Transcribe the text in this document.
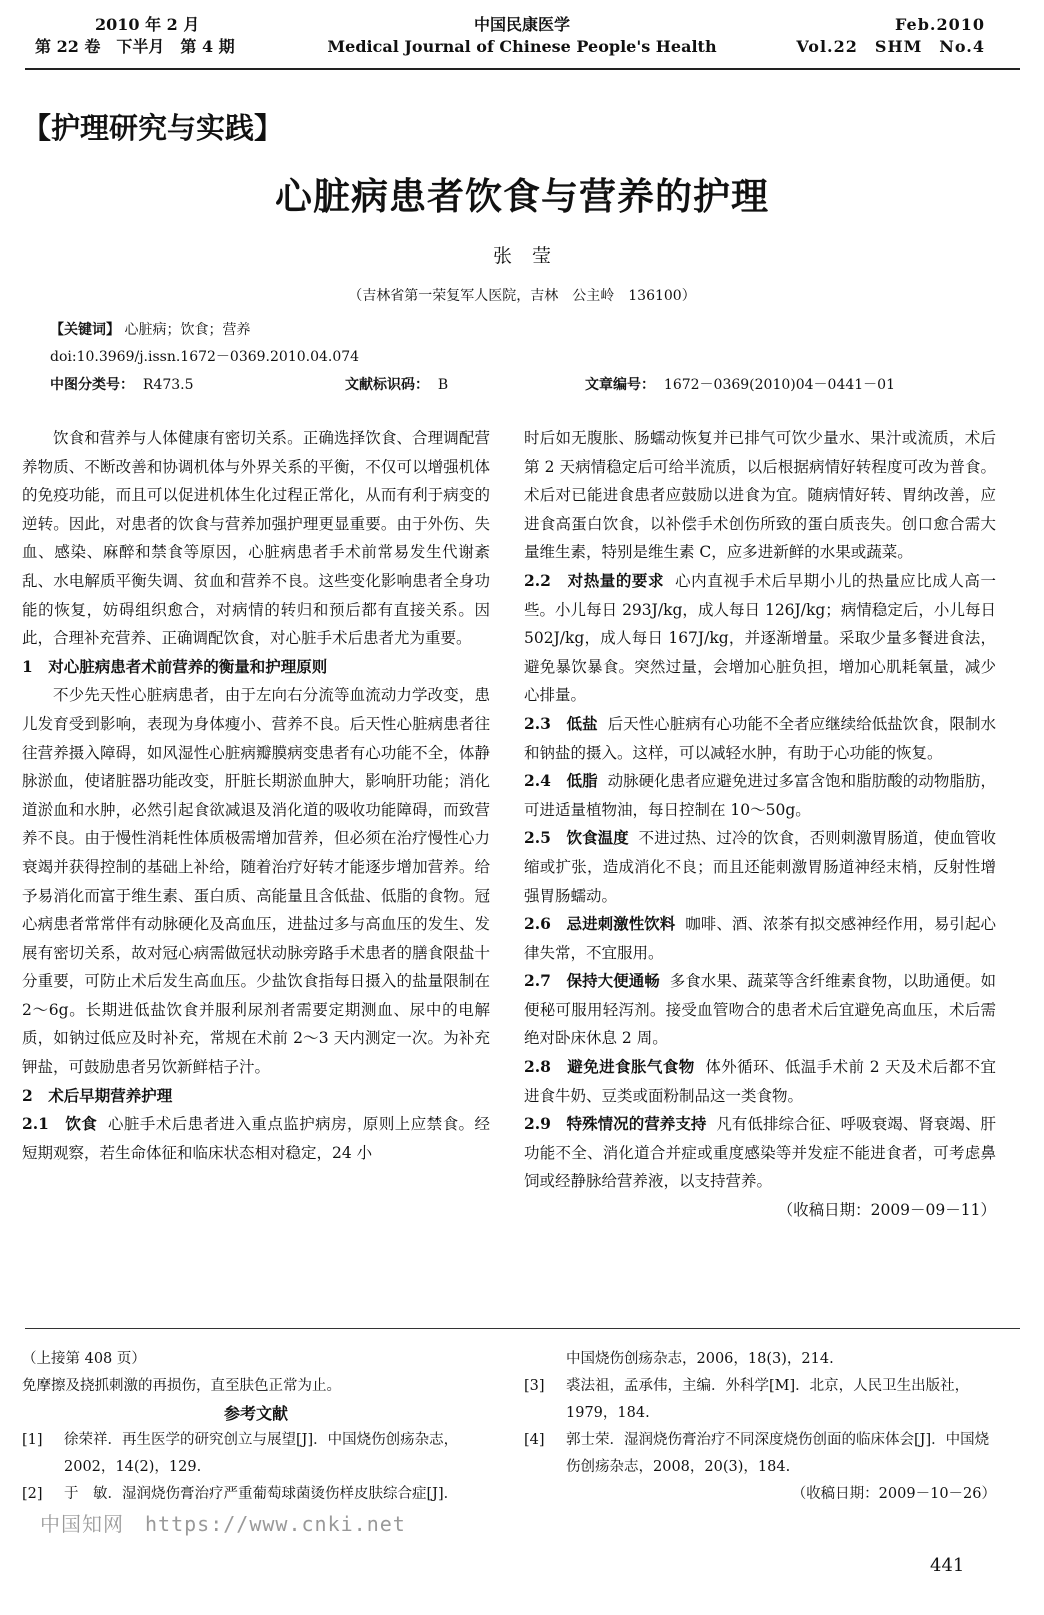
2010 年 2 月
第 22 卷　下半月　第 4 期
中国民康医学
Medical Journal of Chinese People's Health
Feb.2010
Vol.22　SHM　No.4
【护理研究与实践】
心脏病患者饮食与营养的护理
张莹
（吉林省第一荣复军人医院，吉林　公主岭　136100）
【关键词】 心脏病；饮食；营养
doi:10.3969/j.issn.1672－0369.2010.04.074
中图分类号： R473.5	文献标识码： B	文章编号： 1672－0369(2010)04－0441－01

饮食和营养与人体健康有密切关系。正确选择饮食、合理调配营养物质、不断改善和协调机体与外界关系的平衡，不仅可以增强机体的免疫功能，而且可以促进机体生化过程正常化，从而有利于病变的逆转。因此，对患者的饮食与营养加强护理更显重要。由于外伤、失血、感染、麻醉和禁食等原因，心脏病患者手术前常易发生代谢紊乱、水电解质平衡失调、贫血和营养不良。这些变化影响患者全身功能的恢复，妨碍组织愈合，对病情的转归和预后都有直接关系。因此，合理补充营养、正确调配饮食，对心脏手术后患者尤为重要。

1　对心脏病患者术前营养的衡量和护理原则

不少先天性心脏病患者，由于左向右分流等血流动力学改变，患儿发育受到影响，表现为身体瘦小、营养不良。后天性心脏病患者往往营养摄入障碍，如风湿性心脏病瓣膜病变患者有心功能不全，体静脉淤血，使诸脏器功能改变，肝脏长期淤血肿大，影响肝功能；消化道淤血和水肿，必然引起食欲减退及消化道的吸收功能障碍，而致营养不良。由于慢性消耗性体质极需增加营养，但必须在治疗慢性心力衰竭并获得控制的基础上补给，随着治疗好转才能逐步增加营养。给予易消化而富于维生素、蛋白质、高能量且含低盐、低脂的食物。冠心病患者常常伴有动脉硬化及高血压，进盐过多与高血压的发生、发展有密切关系，故对冠心病需做冠状动脉旁路手术患者的膳食限盐十分重要，可防止术后发生高血压。少盐饮食指每日摄入的盐量限制在 2～6g。长期进低盐饮食并服利尿剂者需要定期测血、尿中的电解质，如钠过低应及时补充，常规在术前 2～3 天内测定一次。为补充钾盐，可鼓励患者另饮新鲜桔子汁。

2　术后早期营养护理

2.1　饮食 心脏手术后患者进入重点监护病房，原则上应禁食。经短期观察，若生命体征和临床状态相对稳定，24 小

时后如无腹胀、肠蠕动恢复并已排气可饮少量水、果汁或流质，术后第 2 天病情稳定后可给半流质，以后根据病情好转程度可改为普食。术后对已能进食患者应鼓励以进食为宜。随病情好转、胃纳改善，应进食高蛋白饮食，以补偿手术创伤所致的蛋白质丧失。创口愈合需大量维生素，特别是维生素 C，应多进新鲜的水果或蔬菜。

2.2　对热量的要求 心内直视手术后早期小儿的热量应比成人高一些。小儿每日 293J/kg，成人每日 126J/kg；病情稳定后，小儿每日 502J/kg，成人每日 167J/kg，并逐渐增量。采取少量多餐进食法，避免暴饮暴食。突然过量，会增加心脏负担，增加心肌耗氧量，减少心排量。

2.3　低盐 后天性心脏病有心功能不全者应继续给低盐饮食，限制水和钠盐的摄入。这样，可以减轻水肿，有助于心功能的恢复。

2.4　低脂 动脉硬化患者应避免进过多富含饱和脂肪酸的动物脂肪，可进适量植物油，每日控制在 10～50g。

2.5　饮食温度 不进过热、过冷的饮食，否则刺激胃肠道，使血管收缩或扩张，造成消化不良；而且还能刺激胃肠道神经末梢，反射性增强胃肠蠕动。

2.6　忌进刺激性饮料 咖啡、酒、浓茶有拟交感神经作用，易引起心律失常，不宜服用。

2.7　保持大便通畅 多食水果、蔬菜等含纤维素食物，以助通便。如便秘可服用轻泻剂。接受血管吻合的患者术后宜避免高血压，术后需绝对卧床休息 2 周。

2.8　避免进食胀气食物 体外循环、低温手术前 2 天及术后都不宜进食牛奶、豆类或面粉制品这一类食物。

2.9　特殊情况的营养支持 凡有低排综合征、呼吸衰竭、肾衰竭、肝功能不全、消化道合并症或重度感染等并发症不能进食者，可考虑鼻饲或经静脉给营养液，以支持营养。

（收稿日期：2009－09－11）

（上接第 408 页）

免摩擦及挠抓刺激的再损伤，直至肤色正常为止。

参考文献

[1]	徐荣祥．再生医学的研究创立与展望[J]．中国烧伤创疡杂志，2002，14(2)，129.
[2]	于　敏．湿润烧伤膏治疗严重葡萄球菌烫伤样皮肤综合症[J]．
中国烧伤创疡杂志，2006，18(3)，214.
[3]	裘法祖，孟承伟，主编．外科学[M]．北京，人民卫生出版社，1979，184.
[4]	郭士荣．湿润烧伤膏治疗不同深度烧伤创面的临床体会[J]．中国烧伤创疡杂志，2008，20(3)，184.

（收稿日期：2009－10－26）

中国知网　https://www.cnki.net
441
